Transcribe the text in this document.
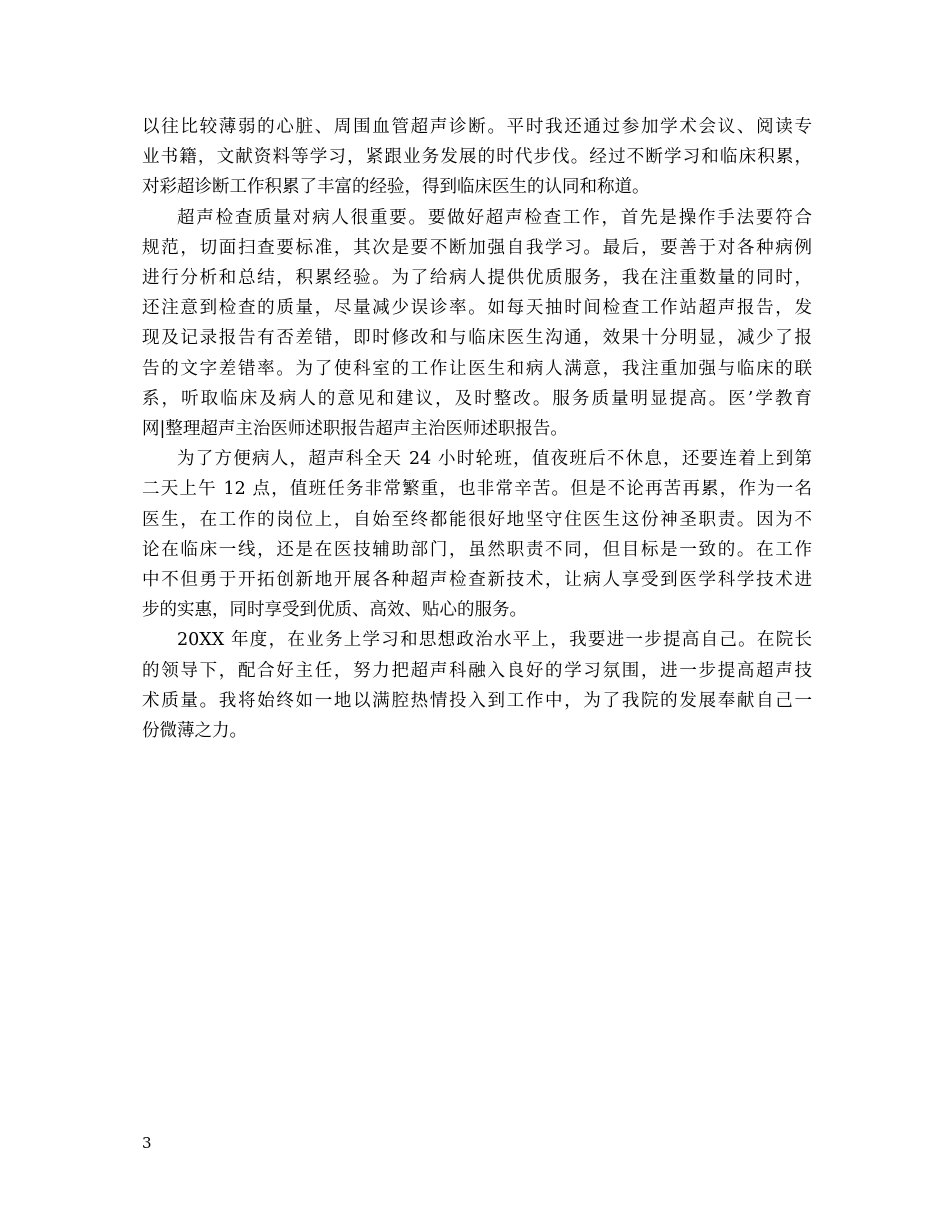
以往比较薄弱的心脏、周围血管超声诊断。平时我还通过参加学术会议、阅读专
业书籍，文献资料等学习，紧跟业务发展的时代步伐。经过不断学习和临床积累，
对彩超诊断工作积累了丰富的经验，得到临床医生的认同和称道。

超声检查质量对病人很重要。要做好超声检查工作，首先是操作手法要符合
规范，切面扫查要标准，其次是要不断加强自我学习。最后，要善于对各种病例
进行分析和总结，积累经验。为了给病人提供优质服务，我在注重数量的同时，
还注意到检查的质量，尽量减少误诊率。如每天抽时间检查工作站超声报告，发
现及记录报告有否差错，即时修改和与临床医生沟通，效果十分明显，减少了报
告的文字差错率。为了使科室的工作让医生和病人满意，我注重加强与临床的联
系，听取临床及病人的意见和建议，及时整改。服务质量明显提高。医’学教育
网|整理超声主治医师述职报告超声主治医师述职报告。

为了方便病人，超声科全天 24 小时轮班，值夜班后不休息，还要连着上到第
二天上午 12 点，值班任务非常繁重，也非常辛苦。但是不论再苦再累，作为一名
医生，在工作的岗位上，自始至终都能很好地坚守住医生这份神圣职责。因为不
论在临床一线，还是在医技辅助部门，虽然职责不同，但目标是一致的。在工作
中不但勇于开拓创新地开展各种超声检查新技术，让病人享受到医学科学技术进
步的实惠，同时享受到优质、高效、贴心的服务。

20XX 年度，在业务上学习和思想政治水平上，我要进一步提高自己。在院长
的领导下，配合好主任，努力把超声科融入良好的学习氛围，进一步提高超声技
术质量。我将始终如一地以满腔热情投入到工作中，为了我院的发展奉献自己一
份微薄之力。

3
